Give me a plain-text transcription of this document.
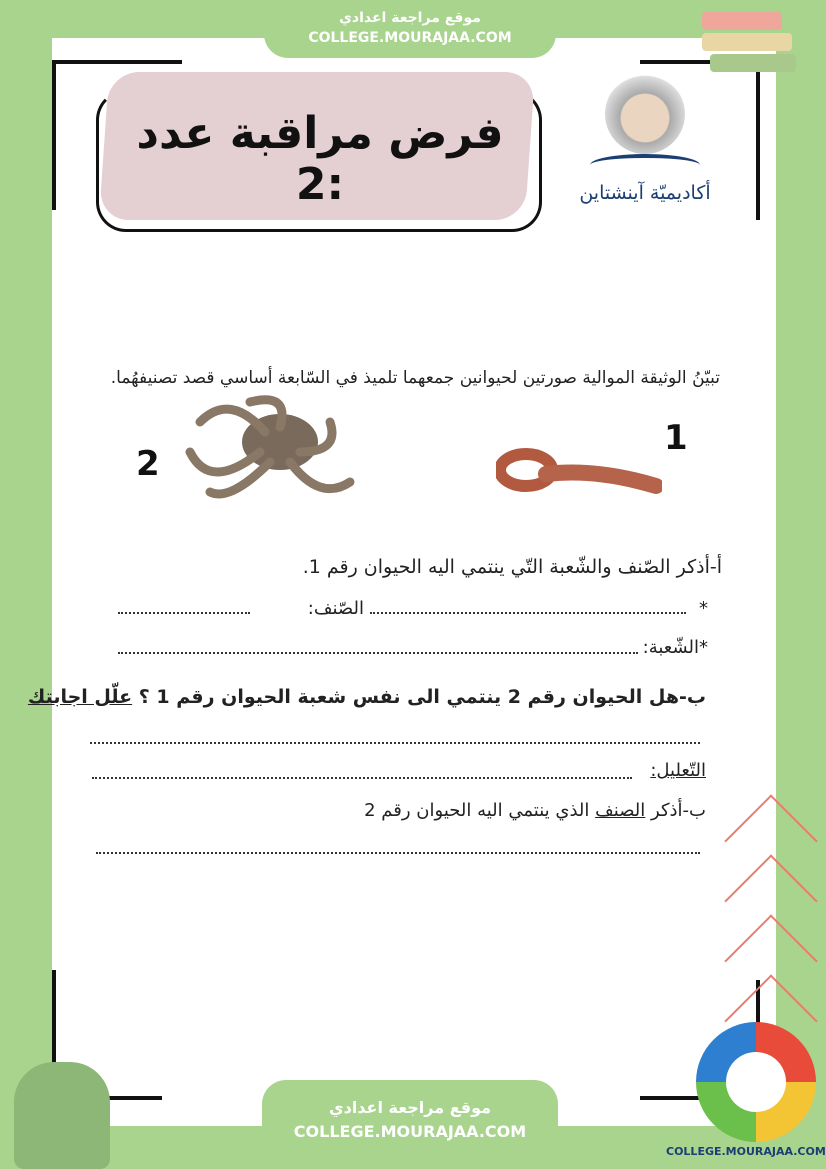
موقع مراجعة اعدادي
COLLEGE.MOURAJAA.COM
فرض مراقبة عدد :2	أكاديميّة آينشتاين
تبيّنُ الوثيقة الموالية صورتين لحيوانين جمعهما تلميذ في السّابعة أساسي قصد تصنيفهُما.
2
1
أ-أذكر الصّنف والشّعبة التّي ينتمي اليه الحيوان رقم 1.
*
الصّنف:
*الشّعبة:
ب-هل الحيوان رقم 2 ينتمي الى نفس شعبة الحيوان رقم 1 ؟ علّل اجابتك
التّعليل:
ب-أذكر الصنف الذي ينتمي اليه الحيوان رقم 2
موقع مراجعة اعدادي
COLLEGE.MOURAJAA.COM
COLLEGE.MOURAJAA.COM
